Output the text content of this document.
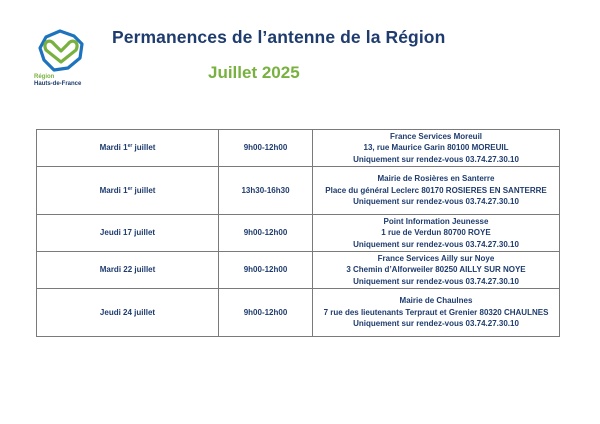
Région
Hauts-de-France
Permanences de l’antenne de la Région
Juillet 2025
Mardi 1er juillet	9h00-12h00	France Services Moreuil
13, rue Maurice Garin 80100 MOREUIL
Uniquement sur rendez-vous 03.74.27.30.10

Mardi 1er juillet	13h30-16h30	Mairie de Rosières en Santerre
Place du général Leclerc 80170 ROSIERES EN SANTERRE
Uniquement sur rendez-vous 03.74.27.30.10

Jeudi 17 juillet	9h00-12h00	Point Information Jeunesse
1 rue de Verdun 80700 ROYE
Uniquement sur rendez-vous 03.74.27.30.10

Mardi 22 juillet	9h00-12h00	France Services Ailly sur Noye
3 Chemin d’Alforweiler 80250 AILLY SUR NOYE
Uniquement sur rendez-vous 03.74.27.30.10

Jeudi 24 juillet	9h00-12h00	Mairie de Chaulnes
7 rue des lieutenants Terpraut et Grenier 80320 CHAULNES
Uniquement sur rendez-vous 03.74.27.30.10
